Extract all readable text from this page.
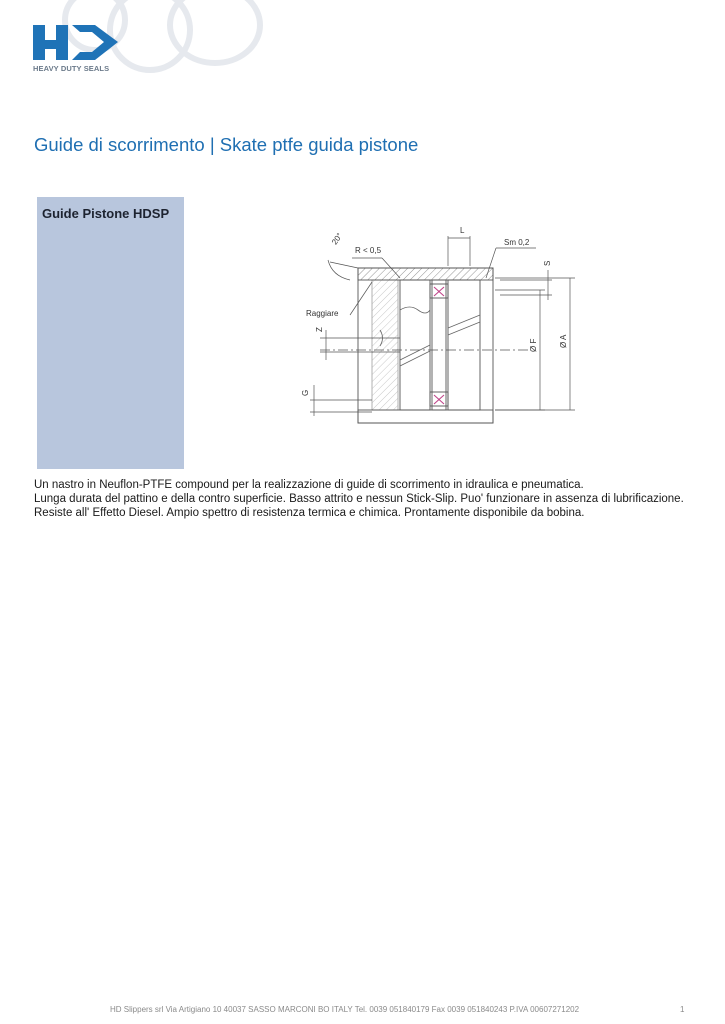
HEAVY DUTY SEALS
Guide di scorrimento | Skate ptfe guida pistone
Guide Pistone HDSP
20°
R < 0,5
L
Sm 0,2
S
Raggiare
Z
G
Ø F	Ø A

Un nastro in Neuflon-PTFE compound per la realizzazione di guide di scorrimento in idraulica e pneumatica.

Lunga durata del pattino e della contro superficie. Basso attrito e nessun Stick-Slip. Puo' funzionare in assenza di lubrificazione. Resiste all' Effetto Diesel. Ampio spettro di resistenza termica e chimica. Prontamente disponibile da bobina.

HD Slippers srl Via Artigiano 10 40037 SASSO MARCONI BO ITALY Tel. 0039 051840179 Fax 0039 051840243 P.IVA 00607271202	1
